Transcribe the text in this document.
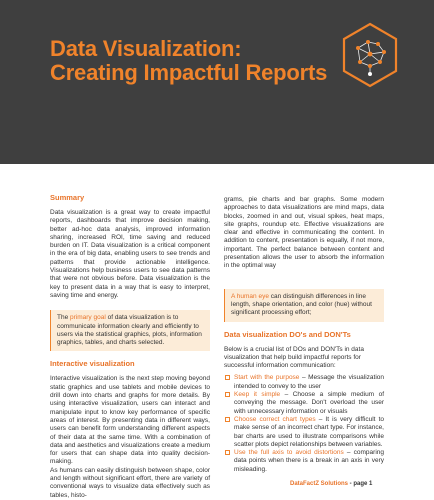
Data Visualization:
Creating Impactful Reports

Summary

Data visualization is a great way to create impactful reports, dashboards that improve decision making, better ad-hoc data analysis, improved information sharing, increased ROI, time saving and reduced burden on IT. Data visualization is a critical component in the era of big data, enabling users to see trends and patterns that provide actionable intelligence. Visualizations help business users to see data patterns that were not obvious before. Data visualization is the key to present data in a way that is easy to interpret, saving time and energy.

The primary goal of data visualization is to communicate information clearly and efficiently to users via the statistical graphics, plots, information graphics, tables, and charts selected.

Interactive visualization

Interactive visualization is the next step moving beyond static graphics and use tablets and mobile devices to drill down into charts and graphs for more details. By using interactive visualization, users can interact and manipulate input to know key performance of specific areas of interest. By presenting data in different ways, users can benefit form understanding different aspects of their data at the same time. With a combination of data and aesthetics and visualizations create a medium for users that can shape data into quality decision-making.

As humans can easily distinguish between shape, color and length without significant effort, there are variety of conventional ways to visualize data effectively such as tables, histo-

grams, pie charts and bar graphs. Some modern approaches to data visualizations are mind maps, data blocks, zoomed in and out, visual spikes, heat maps, site graphs, roundup etc. Effective visualizations are clear and effective in communicating the content. In addition to content, presentation is equally, if not more, important. The perfect balance between content and presentation allows the user to absorb the information in the optimal way

A human eye can distinguish differences in line length, shape orientation, and color (hue) without significant processing effort;

Data visualization DO's and DON'Ts

Below is a crucial list of DOs and DON'Ts in data visualization that help build impactful reports for successful information communication:

Start with the purpose – Message the visualization intended to convey to the user

Keep it simple – Choose a simple medium of conveying the message. Don't overload the user with unnecessary information or visuals

Choose correct chart types – It is very difficult to make sense of an incorrect chart type. For instance, bar charts are used to illustrate comparisons while scatter plots depict relationships between variables.

Use the full axis to avoid distortions – comparing data points when there is a break in an axis in very misleading.

DataFactZ Solutions - page 1
